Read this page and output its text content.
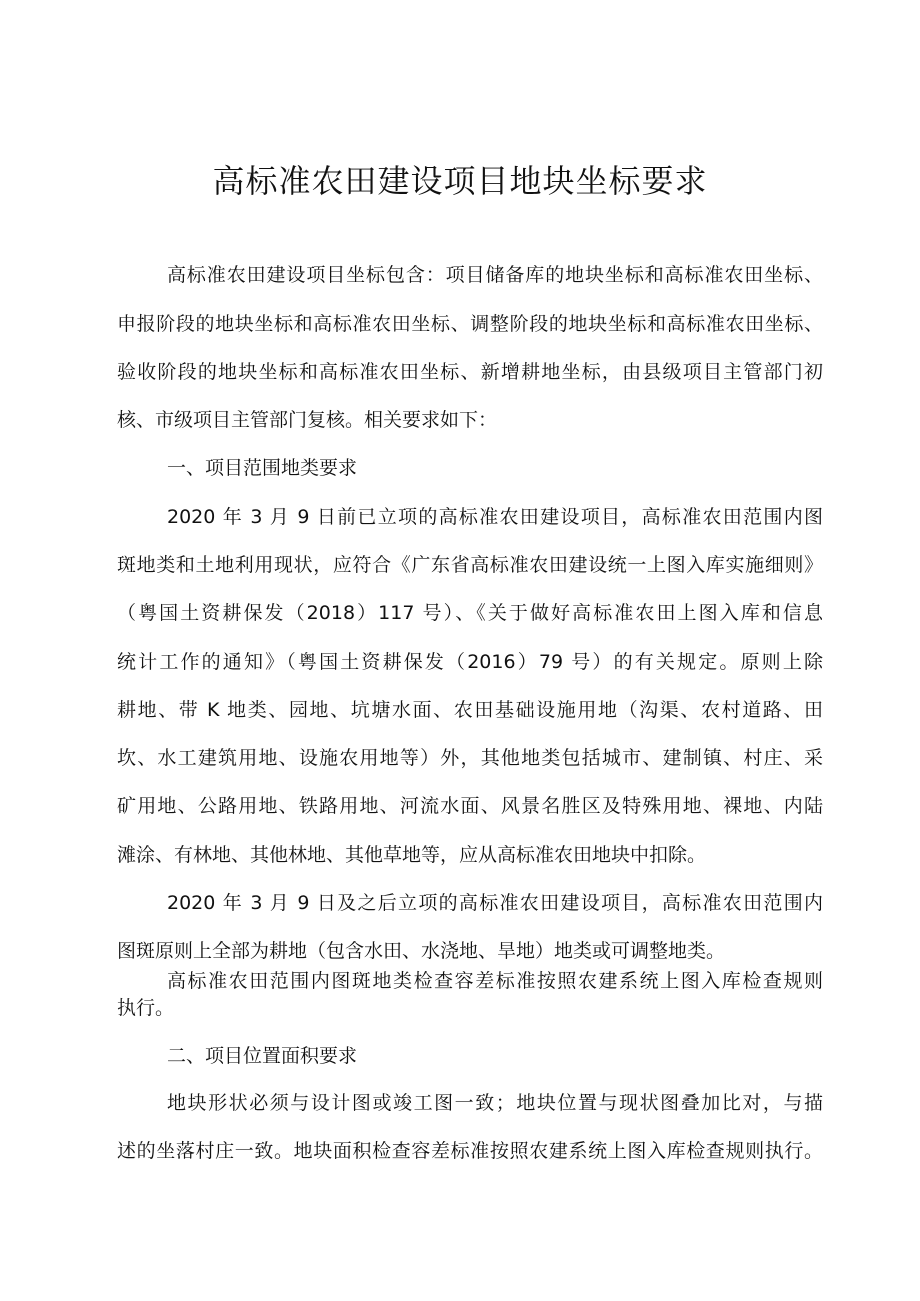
高标准农田建设项目地块坐标要求

高标准农田建设项目坐标包含：项目储备库的地块坐标和高标准农田坐标、

申报阶段的地块坐标和高标准农田坐标、调整阶段的地块坐标和高标准农田坐标、

验收阶段的地块坐标和高标准农田坐标、新增耕地坐标，由县级项目主管部门初

核、市级项目主管部门复核。相关要求如下：

一、项目范围地类要求

2020 年 3 月 9 日前已立项的高标准农田建设项目，高标准农田范围内图

斑地类和土地利用现状，应符合《广东省高标准农田建设统一上图入库实施细则》

（粤国土资耕保发（2018）117 号）、《关于做好高标准农田上图入库和信息

统计工作的通知》（粤国土资耕保发（2016）79 号）的有关规定。原则上除

耕地、带 K 地类、园地、坑塘水面、农田基础设施用地（沟渠、农村道路、田

坎、水工建筑用地、设施农用地等）外，其他地类包括城市、建制镇、村庄、采

矿用地、公路用地、铁路用地、河流水面、风景名胜区及特殊用地、裸地、内陆

滩涂、有林地、其他林地、其他草地等，应从高标准农田地块中扣除。

2020 年 3 月 9 日及之后立项的高标准农田建设项目，高标准农田范围内

图斑原则上全部为耕地（包含水田、水浇地、旱地）地类或可调整地类。

高标准农田范围内图斑地类检查容差标准按照农建系统上图入库检查规则

执行。

二、项目位置面积要求

地块形状必须与设计图或竣工图一致；地块位置与现状图叠加比对，与描

述的坐落村庄一致。地块面积检查容差标准按照农建系统上图入库检查规则执行。
